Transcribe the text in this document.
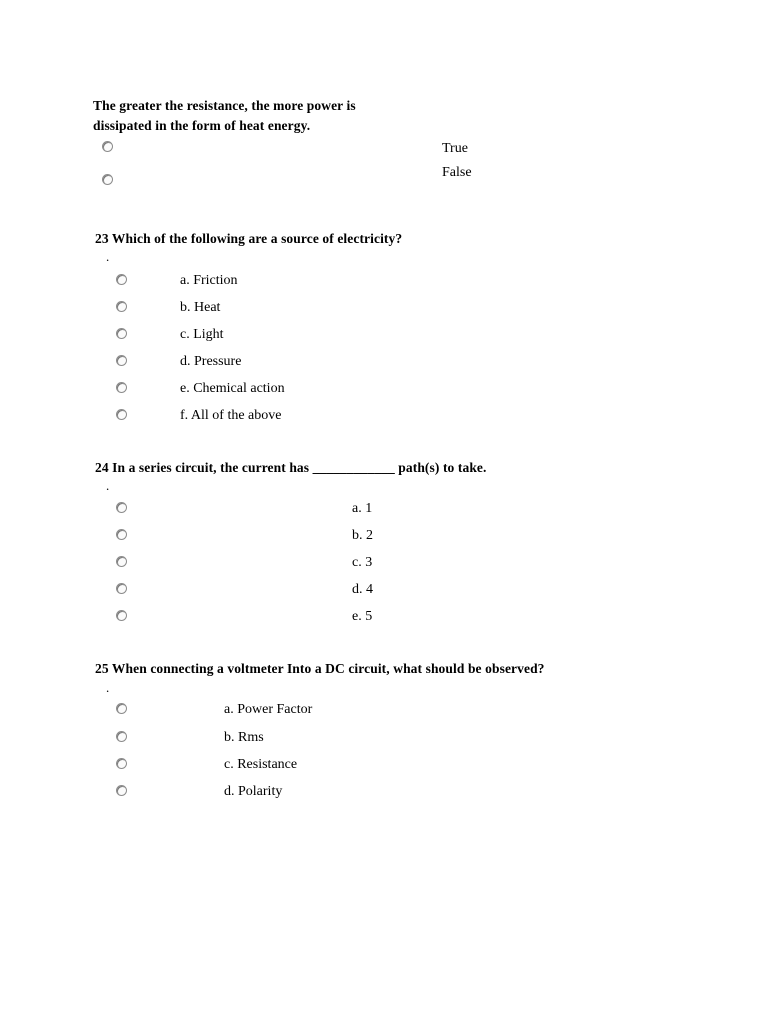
The greater the resistance, the more power is
dissipated in the form of heat energy.
True
False
23 Which of the following are a source of electricity?
.
a. Friction
b. Heat
c. Light
d. Pressure
e. Chemical action
f. All of the above
24 In a series circuit, the current has ____________ path(s) to take.
.
a. 1
b. 2
c. 3
d. 4
e. 5
25 When connecting a voltmeter Into a DC circuit, what should be observed?
.
a. Power Factor
b. Rms
c. Resistance
d. Polarity
